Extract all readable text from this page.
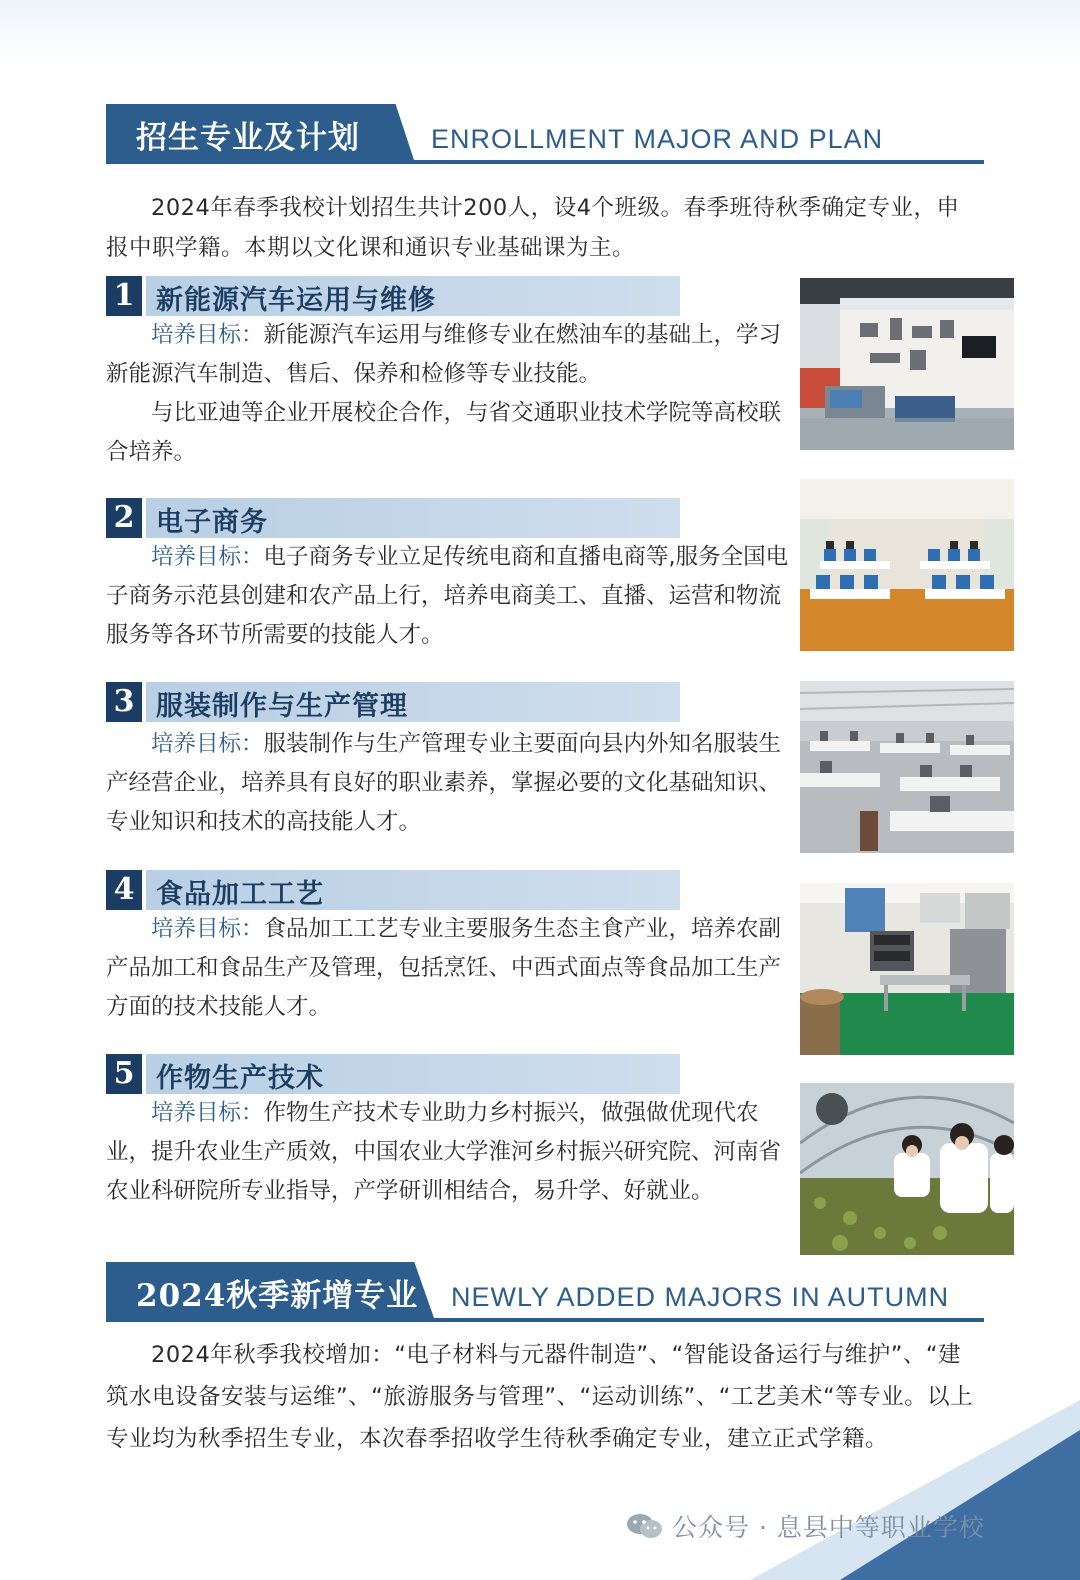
招生专业及计划	ENROLLMENT MAJOR AND PLAN
2024年春季我校计划招生共计200人，设4个班级。春季班待秋季确定专业，申报中职学籍。本期以文化课和通识专业基础课为主。
1 新能源汽车运用与维修
培养目标：新能源汽车运用与维修专业在燃油车的基础上，学习新能源汽车制造、售后、保养和检修等专业技能。
与比亚迪等企业开展校企合作，与省交通职业技术学院等高校联合培养。
2 电子商务
培养目标：电子商务专业立足传统电商和直播电商等,服务全国电子商务示范县创建和农产品上行，培养电商美工、直播、运营和物流服务等各环节所需要的技能人才。
3 服装制作与生产管理
培养目标：服装制作与生产管理专业主要面向县内外知名服装生产经营企业，培养具有良好的职业素养，掌握必要的文化基础知识、专业知识和技术的高技能人才。
4 食品加工工艺
培养目标：食品加工工艺专业主要服务生态主食产业，培养农副产品加工和食品生产及管理，包括烹饪、中西式面点等食品加工生产方面的技术技能人才。
5 作物生产技术
培养目标：作物生产技术专业助力乡村振兴，做强做优现代农业，提升农业生产质效，中国农业大学淮河乡村振兴研究院、河南省农业科研院所专业指导，产学研训相结合，易升学、好就业。
2024秋季新增专业 NEWLY ADDED MAJORS IN AUTUMN
2024年秋季我校增加：“电子材料与元器件制造”、“智能设备运行与维护”、“建筑水电设备安装与运维”、“旅游服务与管理”、“运动训练”、“工艺美术“等专业。以上专业均为秋季招生专业，本次春季招收学生待秋季确定专业，建立正式学籍。
公众号 · 息县中等职业学校
